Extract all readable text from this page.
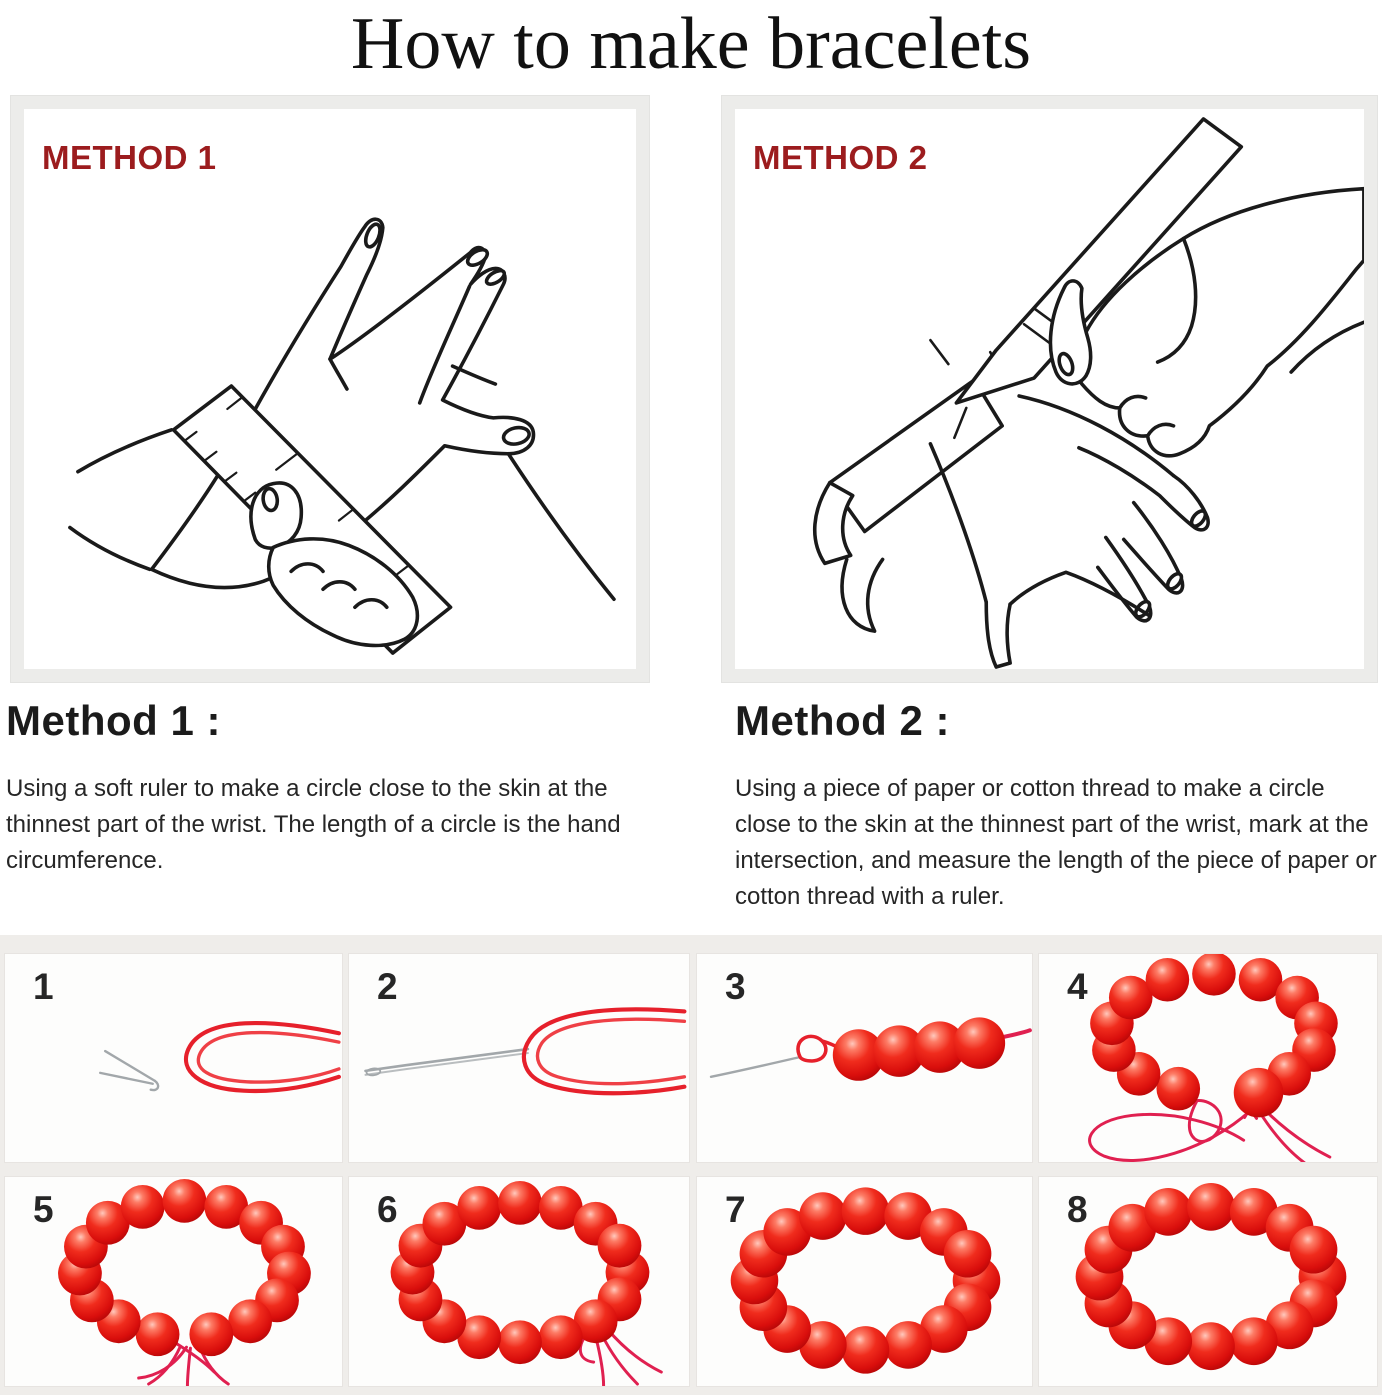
How to make bracelets
METHOD 1	METHOD 2
Method 1 :

Using a soft ruler to make a circle close to the skin at the thinnest part of the wrist. The length of a circle is the hand circumference.

Method 2 :

Using a piece of paper or cotton thread to make a circle close to the skin at the thinnest part of the wrist, mark at the intersection, and measure the length of the piece of paper or cotton thread with a ruler.

1	2	3	4
5	6	7	8
